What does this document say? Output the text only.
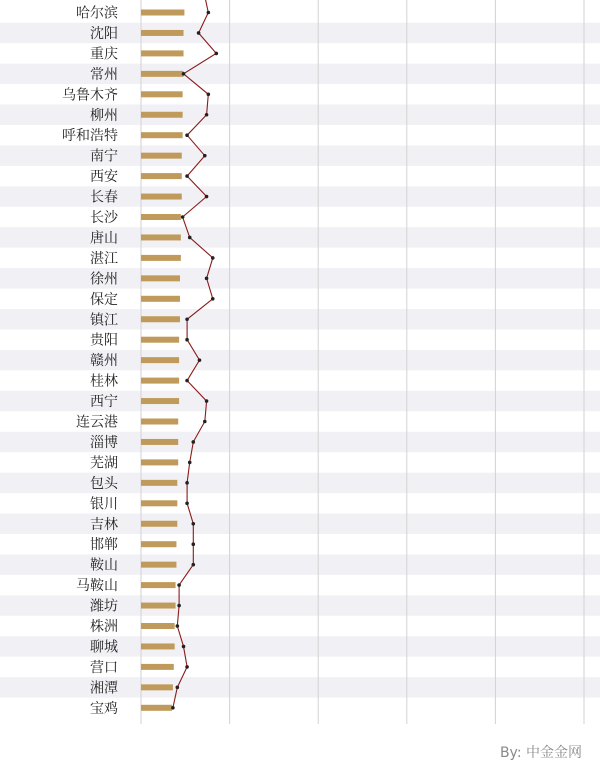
哈尔滨
沈阳
重庆
常州
乌鲁木齐
柳州
呼和浩特
南宁
西安
长春
长沙
唐山
湛江
徐州
保定
镇江
贵阳
赣州
桂林
西宁
连云港
淄博
芜湖
包头
银川
吉林
邯郸
鞍山
马鞍山
潍坊
株洲
聊城
营口
湘潭
宝鸡
By: 中金金网
